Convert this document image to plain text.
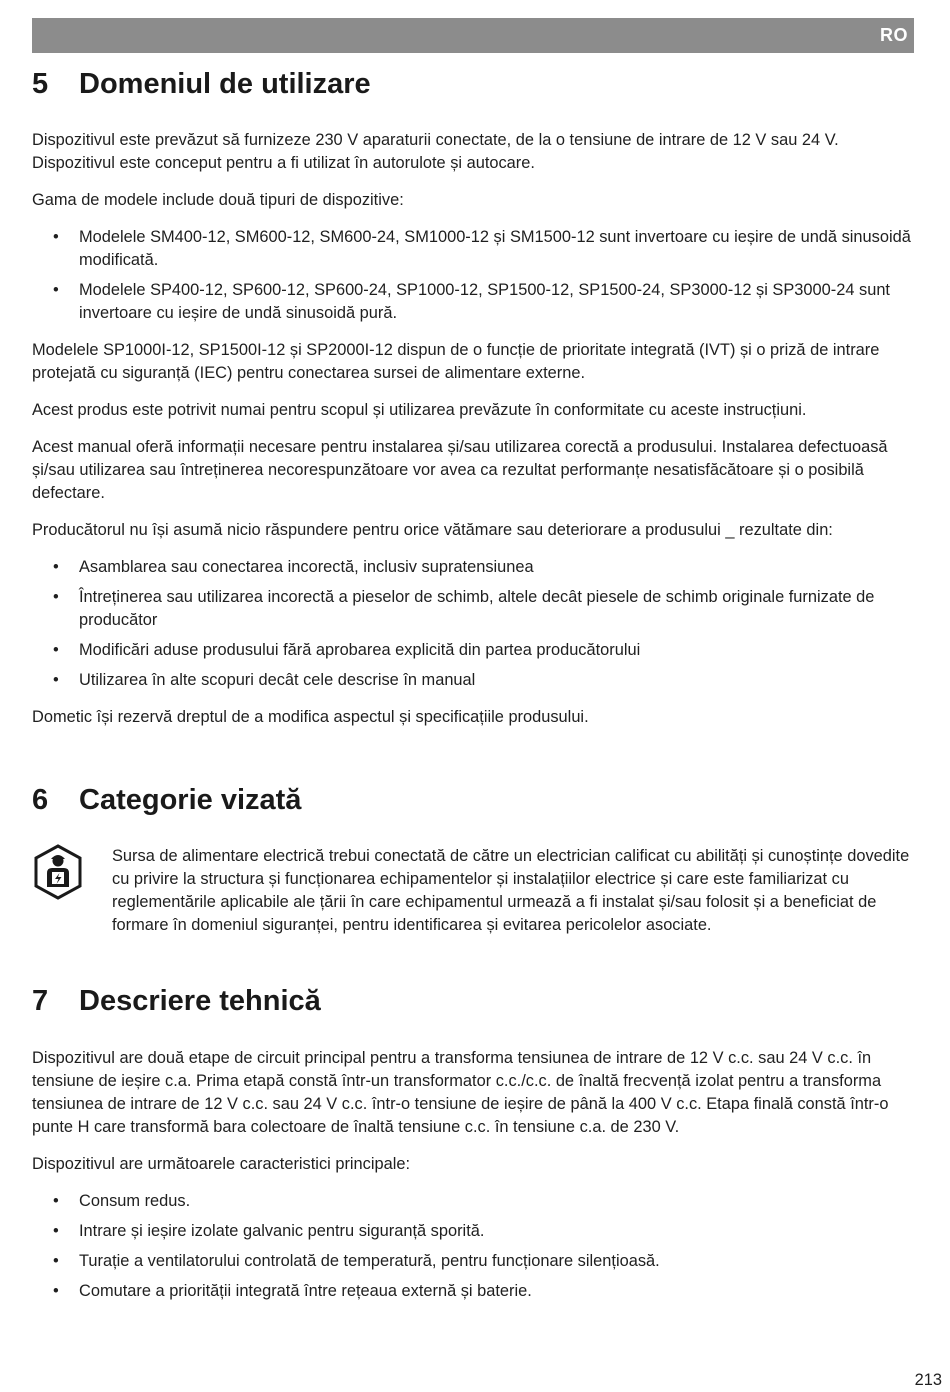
RO
5 Domeniul de utilizare

Dispozitivul este prevăzut să furnizeze 230 V aparaturii conectate, de la o tensiune de intrare de 12 V sau 24 V. Dispozitivul este conceput pentru a fi utilizat în autorulote și autocare.

Gama de modele include două tipuri de dispozitive:

• Modelele SM400-12, SM600-12, SM600-24, SM1000-12 și SM1500-12 sunt invertoare cu ieșire de undă sinusoidă modificată.
• Modelele SP400-12, SP600-12, SP600-24, SP1000-12, SP1500-12, SP1500-24, SP3000-12 și SP3000-24 sunt invertoare cu ieșire de undă sinusoidă pură.

Modelele SP1000I-12, SP1500I-12 și SP2000I-12 dispun de o funcție de prioritate integrată (IVT) și o priză de intrare protejată cu siguranță (IEC) pentru conectarea sursei de alimentare externe.

Acest produs este potrivit numai pentru scopul și utilizarea prevăzute în conformitate cu aceste instrucțiuni.

Acest manual oferă informații necesare pentru instalarea și/sau utilizarea corectă a produsului. Instalarea defectuoasă și/sau utilizarea sau întreținerea necorespunzătoare vor avea ca rezultat performanțe nesatisfăcătoare și o posibilă defectare.

Producătorul nu își asumă nicio răspundere pentru orice vătămare sau deteriorare a produsului _ rezultate din:

• Asamblarea sau conectarea incorectă, inclusiv supratensiunea
• Întreținerea sau utilizarea incorectă a pieselor de schimb, altele decât piesele de schimb originale furnizate de producător
• Modificări aduse produsului fără aprobarea explicită din partea producătorului
• Utilizarea în alte scopuri decât cele descrise în manual

Dometic își rezervă dreptul de a modifica aspectul și specificațiile produsului.

6 Categorie vizată

Sursa de alimentare electrică trebui conectată de către un electrician calificat cu abilități și cunoștințe dovedite cu privire la structura și funcționarea echipamentelor și instalațiilor electrice și care este familiarizat cu reglementările aplicabile ale țării în care echipamentul urmează a fi instalat și/sau folosit și a beneficiat de formare în domeniul siguranței, pentru identificarea și evitarea pericolelor asociate.

7 Descriere tehnică

Dispozitivul are două etape de circuit principal pentru a transforma tensiunea de intrare de 12 V c.c. sau 24 V c.c. în tensiune de ieșire c.a. Prima etapă constă într-un transformator c.c./c.c. de înaltă frecvență izolat pentru a transforma tensiunea de intrare de 12 V c.c. sau 24 V c.c. într-o tensiune de ieșire de până la 400 V c.c. Etapa finală constă într-o punte H care transformă bara colectoare de înaltă tensiune c.c. în tensiune c.a. de 230 V.

Dispozitivul are următoarele caracteristici principale:

• Consum redus.
• Intrare și ieșire izolate galvanic pentru siguranță sporită.
• Turație a ventilatorului controlată de temperatură, pentru funcționare silențioasă.
• Comutare a priorității integrată între rețeaua externă și baterie.
213
